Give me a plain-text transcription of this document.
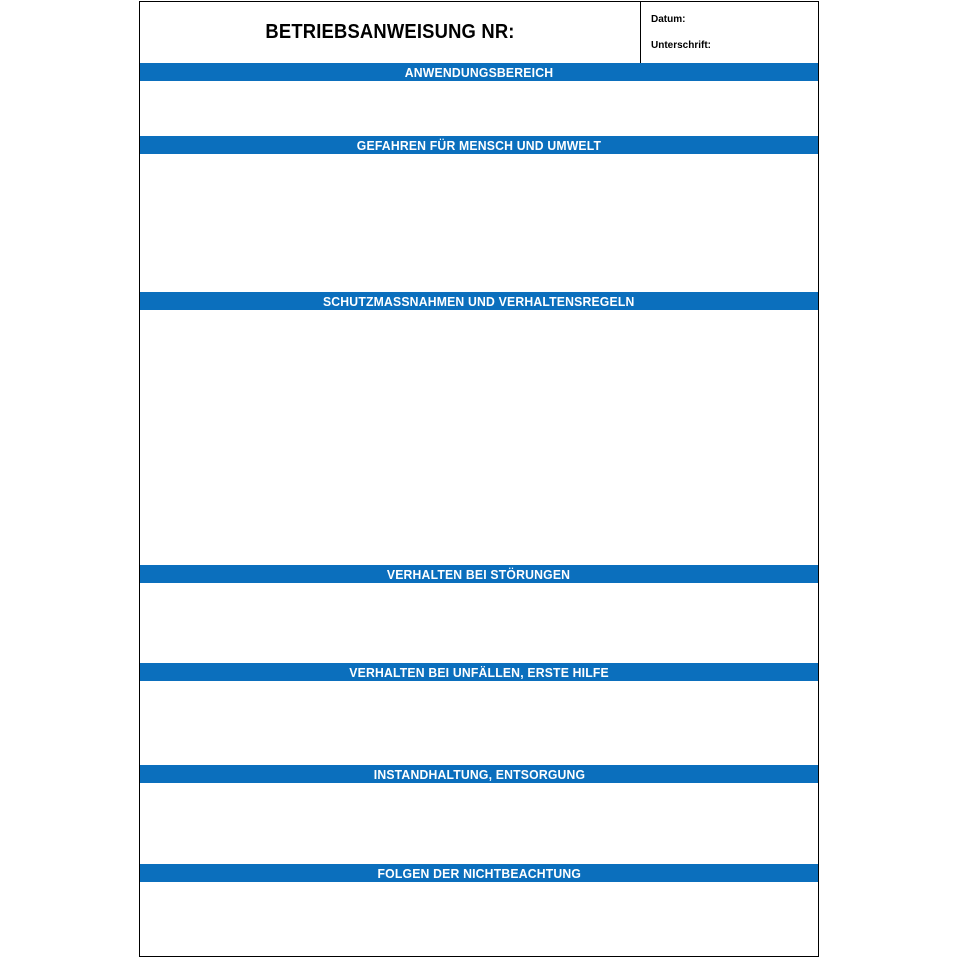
BETRIEBSANWEISUNG NR:
Datum:
Unterschrift:
ANWENDUNGSBEREICH
GEFAHREN FÜR MENSCH UND UMWELT
SCHUTZMASSNAHMEN UND VERHALTENSREGELN
VERHALTEN BEI STÖRUNGEN
VERHALTEN BEI UNFÄLLEN, ERSTE HILFE
INSTANDHALTUNG, ENTSORGUNG
FOLGEN DER NICHTBEACHTUNG
